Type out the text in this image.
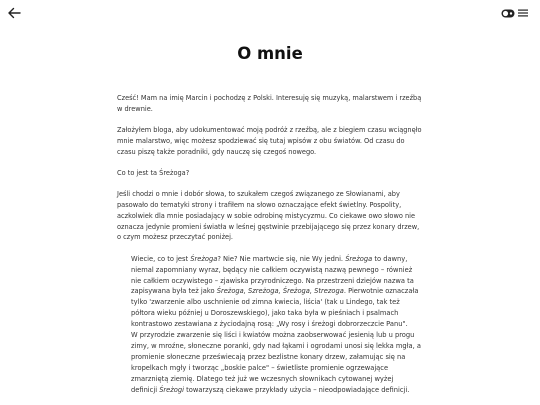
O mnie

Cześć! Mam na imię Marcin i pochodzę z Polski. Interesuję się muzyką, malarstwem i rzeźbą w drewnie.

Założyłem bloga, aby udokumentować moją podróż z rzeźbą, ale z biegiem czasu wciągnęło mnie malarstwo, więc możesz spodziewać się tutaj wpisów z obu światów. Od czasu do czasu piszę także poradniki, gdy nauczę się czegoś nowego.

Co to jest ta Śreżoga?

Jeśli chodzi o mnie i dobór słowa, to szukałem czegoś związanego ze Słowianami, aby pasowało do tematyki strony i trafiłem na słowo oznaczające efekt świetlny. Pospolity, aczkolwiek dla mnie posiadający w sobie odrobinę mistycyzmu. Co ciekawe owo słowo nie oznacza jedynie promieni światła w leśnej gęstwinie przebijającego się przez konary drzew, o czym możesz przeczytać poniżej.

Wiecie, co to jest Śreżoga? Nie? Nie martwcie się, nie Wy jedni. Śreżoga to dawny, niemal zapomniany wyraz, będący nie całkiem oczywistą nazwą pewnego – również nie całkiem oczywistego – zjawiska przyrodniczego. Na przestrzeni dziejów nazwa ta zapisywana była też jako Śreżoga, Szreżoga, Śreżoga, Strezoga. Pierwotnie oznaczała tylko 'zwarzenie albo uschnienie od zimna kwiecia, liścia' (tak u Lindego, tak też półtora wieku później u Doroszewskiego), jako taka była w pieśniach i psalmach kontrastowo zestawiana z życiodajną rosą: „Wy rosy i śreżogi dobrorzeczcie Panu".

W przyrodzie zwarzenie się liści i kwiatów można zaobserwować jesienią lub u progu zimy, w mroźne, słoneczne poranki, gdy nad łąkami i ogrodami unosi się lekka mgła, a promienie słoneczne przeświecają przez bezlistne konary drzew, załamując się na kropelkach mgły i tworząc „boskie palce" – świetliste promienie ogrzewające zmarzniętą ziemię. Dlatego też już we wczesnych słownikach cytowanej wyżej

definicji Śreżogi towarzyszą ciekawe przykłady użycia – nieodpowiadające definicji.
